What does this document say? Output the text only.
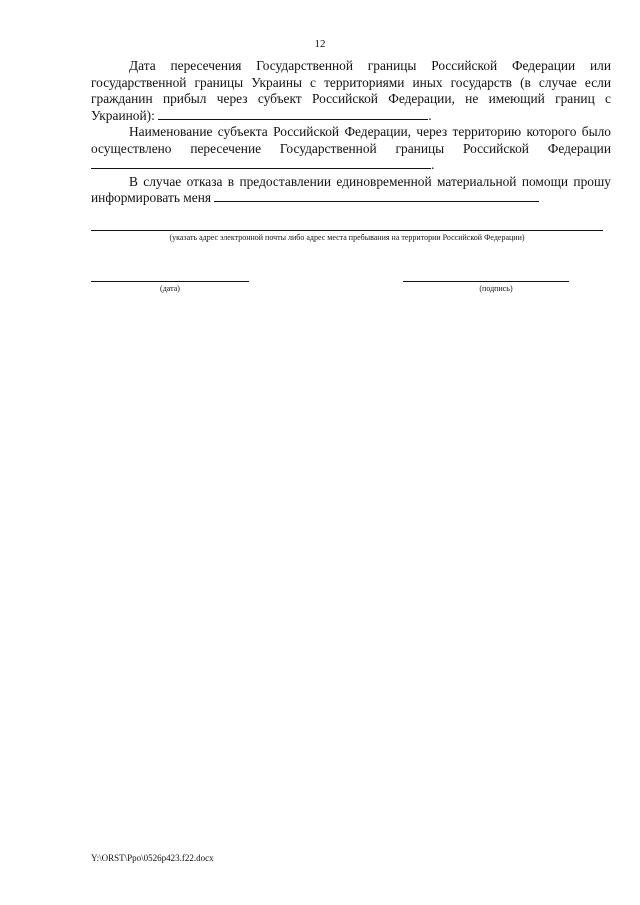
12

Дата пересечения Государственной границы Российской Федерации или государственной границы Украины с территориями иных государств (в случае если гражданин прибыл через субъект Российской Федерации, не имеющий границ с Украиной):	.

Наименование субъекта Российской Федерации, через территорию которого было осуществлено пересечение Государственной границы Российской Федерации.

В случае отказа в предоставлении единовременной материальной помощи прошу информировать меня

(указать адрес электронной почты либо адрес места пребывания на территории Российской Федерации)
(дата)	(подпись)
Y:\ORST\Ppo\0526p423.f22.docx
